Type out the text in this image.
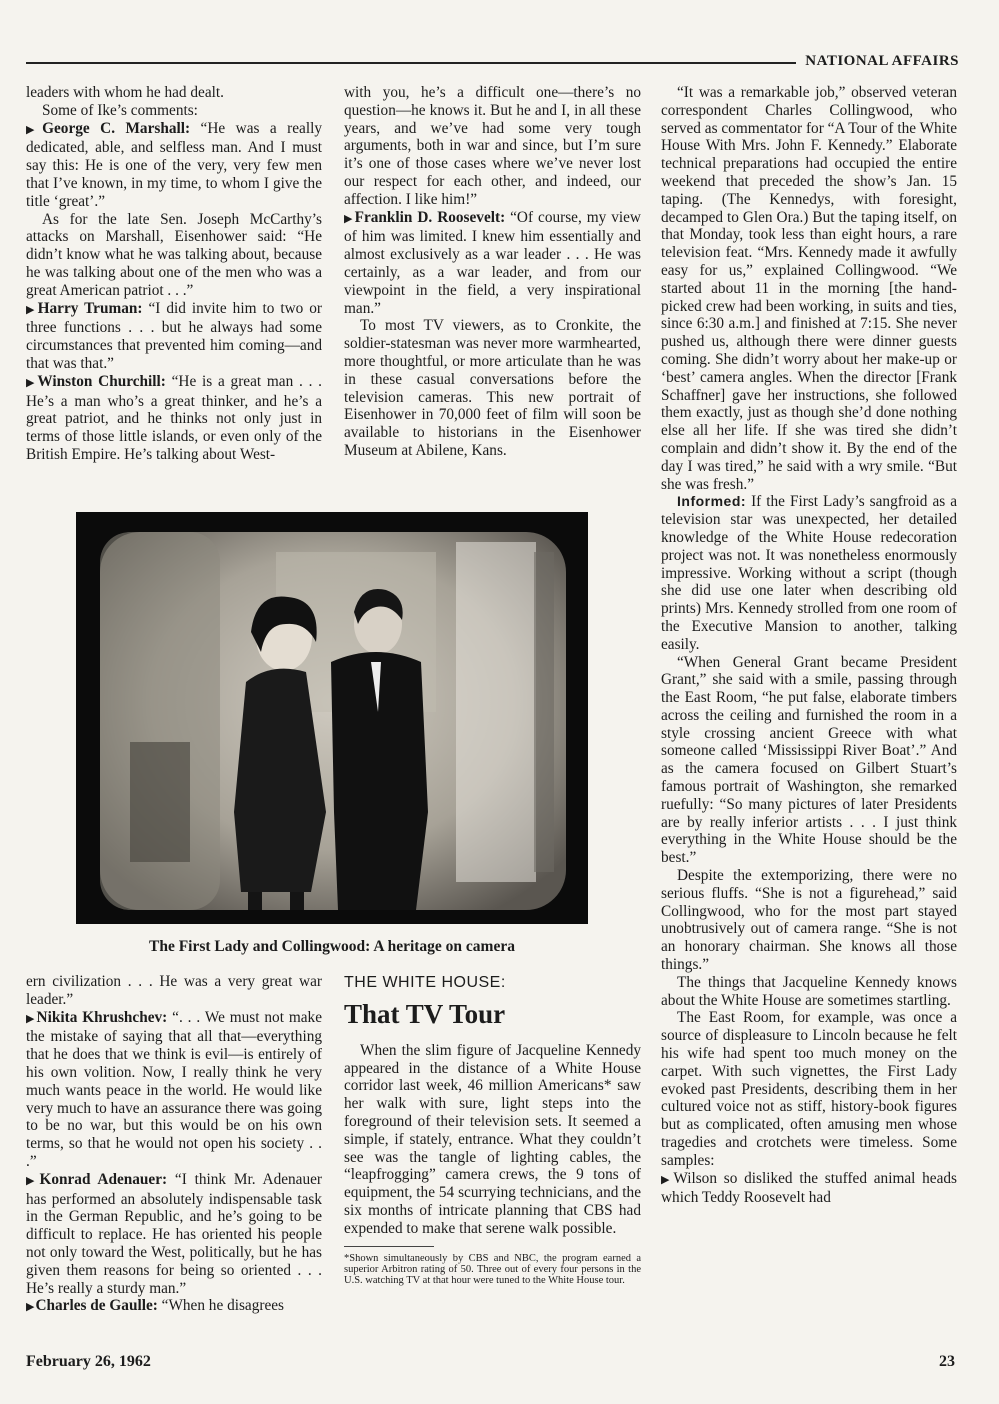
NATIONAL AFFAIRS

leaders with whom he had dealt.

Some of Ike’s comments:

▶George C. Marshall: “He was a really dedicated, able, and selfless man. And I must say this: He is one of the very, very few men that I’ve known, in my time, to whom I give the title ‘great’.”

As for the late Sen. Joseph McCarthy’s attacks on Marshall, Eisenhower said: “He didn’t know what he was talking about, because he was talking about one of the men who was a great American patriot . . .”

▶Harry Truman: “I did invite him to two or three functions . . . but he always had some circumstances that prevented him coming—and that was that.”

▶Winston Churchill: “He is a great man . . . He’s a man who’s a great thinker, and he’s a great patriot, and he thinks not only just in terms of those little islands, or even only of the British Empire. He’s talking about West-

ern civilization . . . He was a very great war leader.”

▶Nikita Khrushchev: “. . . We must not make the mistake of saying that all that—everything that he does that we think is evil—is entirely of his own volition. Now, I really think he very much wants peace in the world. He would like very much to have an assurance there was going to be no war, but this would be on his own terms, so that he would not open his society . . .”

▶Konrad Adenauer: “I think Mr. Adenauer has performed an absolutely indispensable task in the German Republic, and he’s going to be difficult to replace. He has oriented his people not only toward the West, politically, but he has given them reasons for being so oriented . . . He’s really a sturdy man.”

▶Charles de Gaulle: “When he disagrees

with you, he’s a difficult one—there’s no question—he knows it. But he and I, in all these years, and we’ve had some very tough arguments, both in war and since, but I’m sure it’s one of those cases where we’ve never lost our respect for each other, and indeed, our affection. I like him!”

▶Franklin D. Roosevelt: “Of course, my view of him was limited. I knew him essentially and almost exclusively as a war leader . . . He was certainly, as a war leader, and from our viewpoint in the field, a very inspirational man.”

To most TV viewers, as to Cronkite, the soldier-statesman was never more warmhearted, more thoughtful, or more articulate than he was in these casual conversations before the television cameras. This new portrait of Eisenhower in 70,000 feet of film will soon be available to historians in the Eisenhower Museum at Abilene, Kans.

THE WHITE HOUSE:
That TV Tour

When the slim figure of Jacqueline Kennedy appeared in the distance of a White House corridor last week, 46 million Americans* saw her walk with sure, light steps into the foreground of their television sets. It seemed a simple, if stately, entrance. What they couldn’t see was the tangle of lighting cables, the “leapfrogging” camera crews, the 9 tons of equipment, the 54 scurrying technicians, and the six months of intricate planning that CBS had expended to make that serene walk possible.

*Shown simultaneously by CBS and NBC, the program earned a superior Arbitron rating of 50. Three out of every four persons in the U.S. watching TV at that hour were tuned to the White House tour.

“It was a remarkable job,” observed veteran correspondent Charles Collingwood, who served as commentator for “A Tour of the White House With Mrs. John F. Kennedy.” Elaborate technical preparations had occupied the entire weekend that preceded the show’s Jan. 15 taping. (The Kennedys, with foresight, decamped to Glen Ora.) But the taping itself, on that Monday, took less than eight hours, a rare television feat. “Mrs. Kennedy made it awfully easy for us,” explained Collingwood. “We started about 11 in the morning [the hand-picked crew had been working, in suits and ties, since 6:30 a.m.] and finished at 7:15. She never pushed us, although there were dinner guests coming. She didn’t worry about her make-up or ‘best’ camera angles. When the director [Frank Schaffner] gave her instructions, she followed them exactly, just as though she’d done nothing else all her life. If she was tired she didn’t complain and didn’t show it. By the end of the day I was tired,” he said with a wry smile. “But she was fresh.”

Informed: If the First Lady’s sangfroid as a television star was unexpected, her detailed knowledge of the White House redecoration project was not. It was nonetheless enormously impressive. Working without a script (though she did use one later when describing old prints) Mrs. Kennedy strolled from one room of the Executive Mansion to another, talking easily.

“When General Grant became President Grant,” she said with a smile, passing through the East Room, “he put false, elaborate timbers across the ceiling and furnished the room in a style crossing ancient Greece with what someone called ‘Mississippi River Boat’.” And as the camera focused on Gilbert Stuart’s famous portrait of Washington, she remarked ruefully: “So many pictures of later Presidents are by really inferior artists . . . I just think everything in the White House should be the best.”

Despite the extemporizing, there were no serious fluffs. “She is not a figurehead,” said Collingwood, who for the most part stayed unobtrusively out of camera range. “She is not an honorary chairman. She knows all those things.”

The things that Jacqueline Kennedy knows about the White House are sometimes startling.

The East Room, for example, was once a source of displeasure to Lincoln because he felt his wife had spent too much money on the carpet. With such vignettes, the First Lady evoked past Presidents, describing them in her cultured voice not as stiff, history-book figures but as complicated, often amusing men whose tragedies and crotchets were timeless. Some samples:

▶Wilson so disliked the stuffed animal heads which Teddy Roosevelt had

The First Lady and Collingwood: A heritage on camera
February 26, 1962	23
